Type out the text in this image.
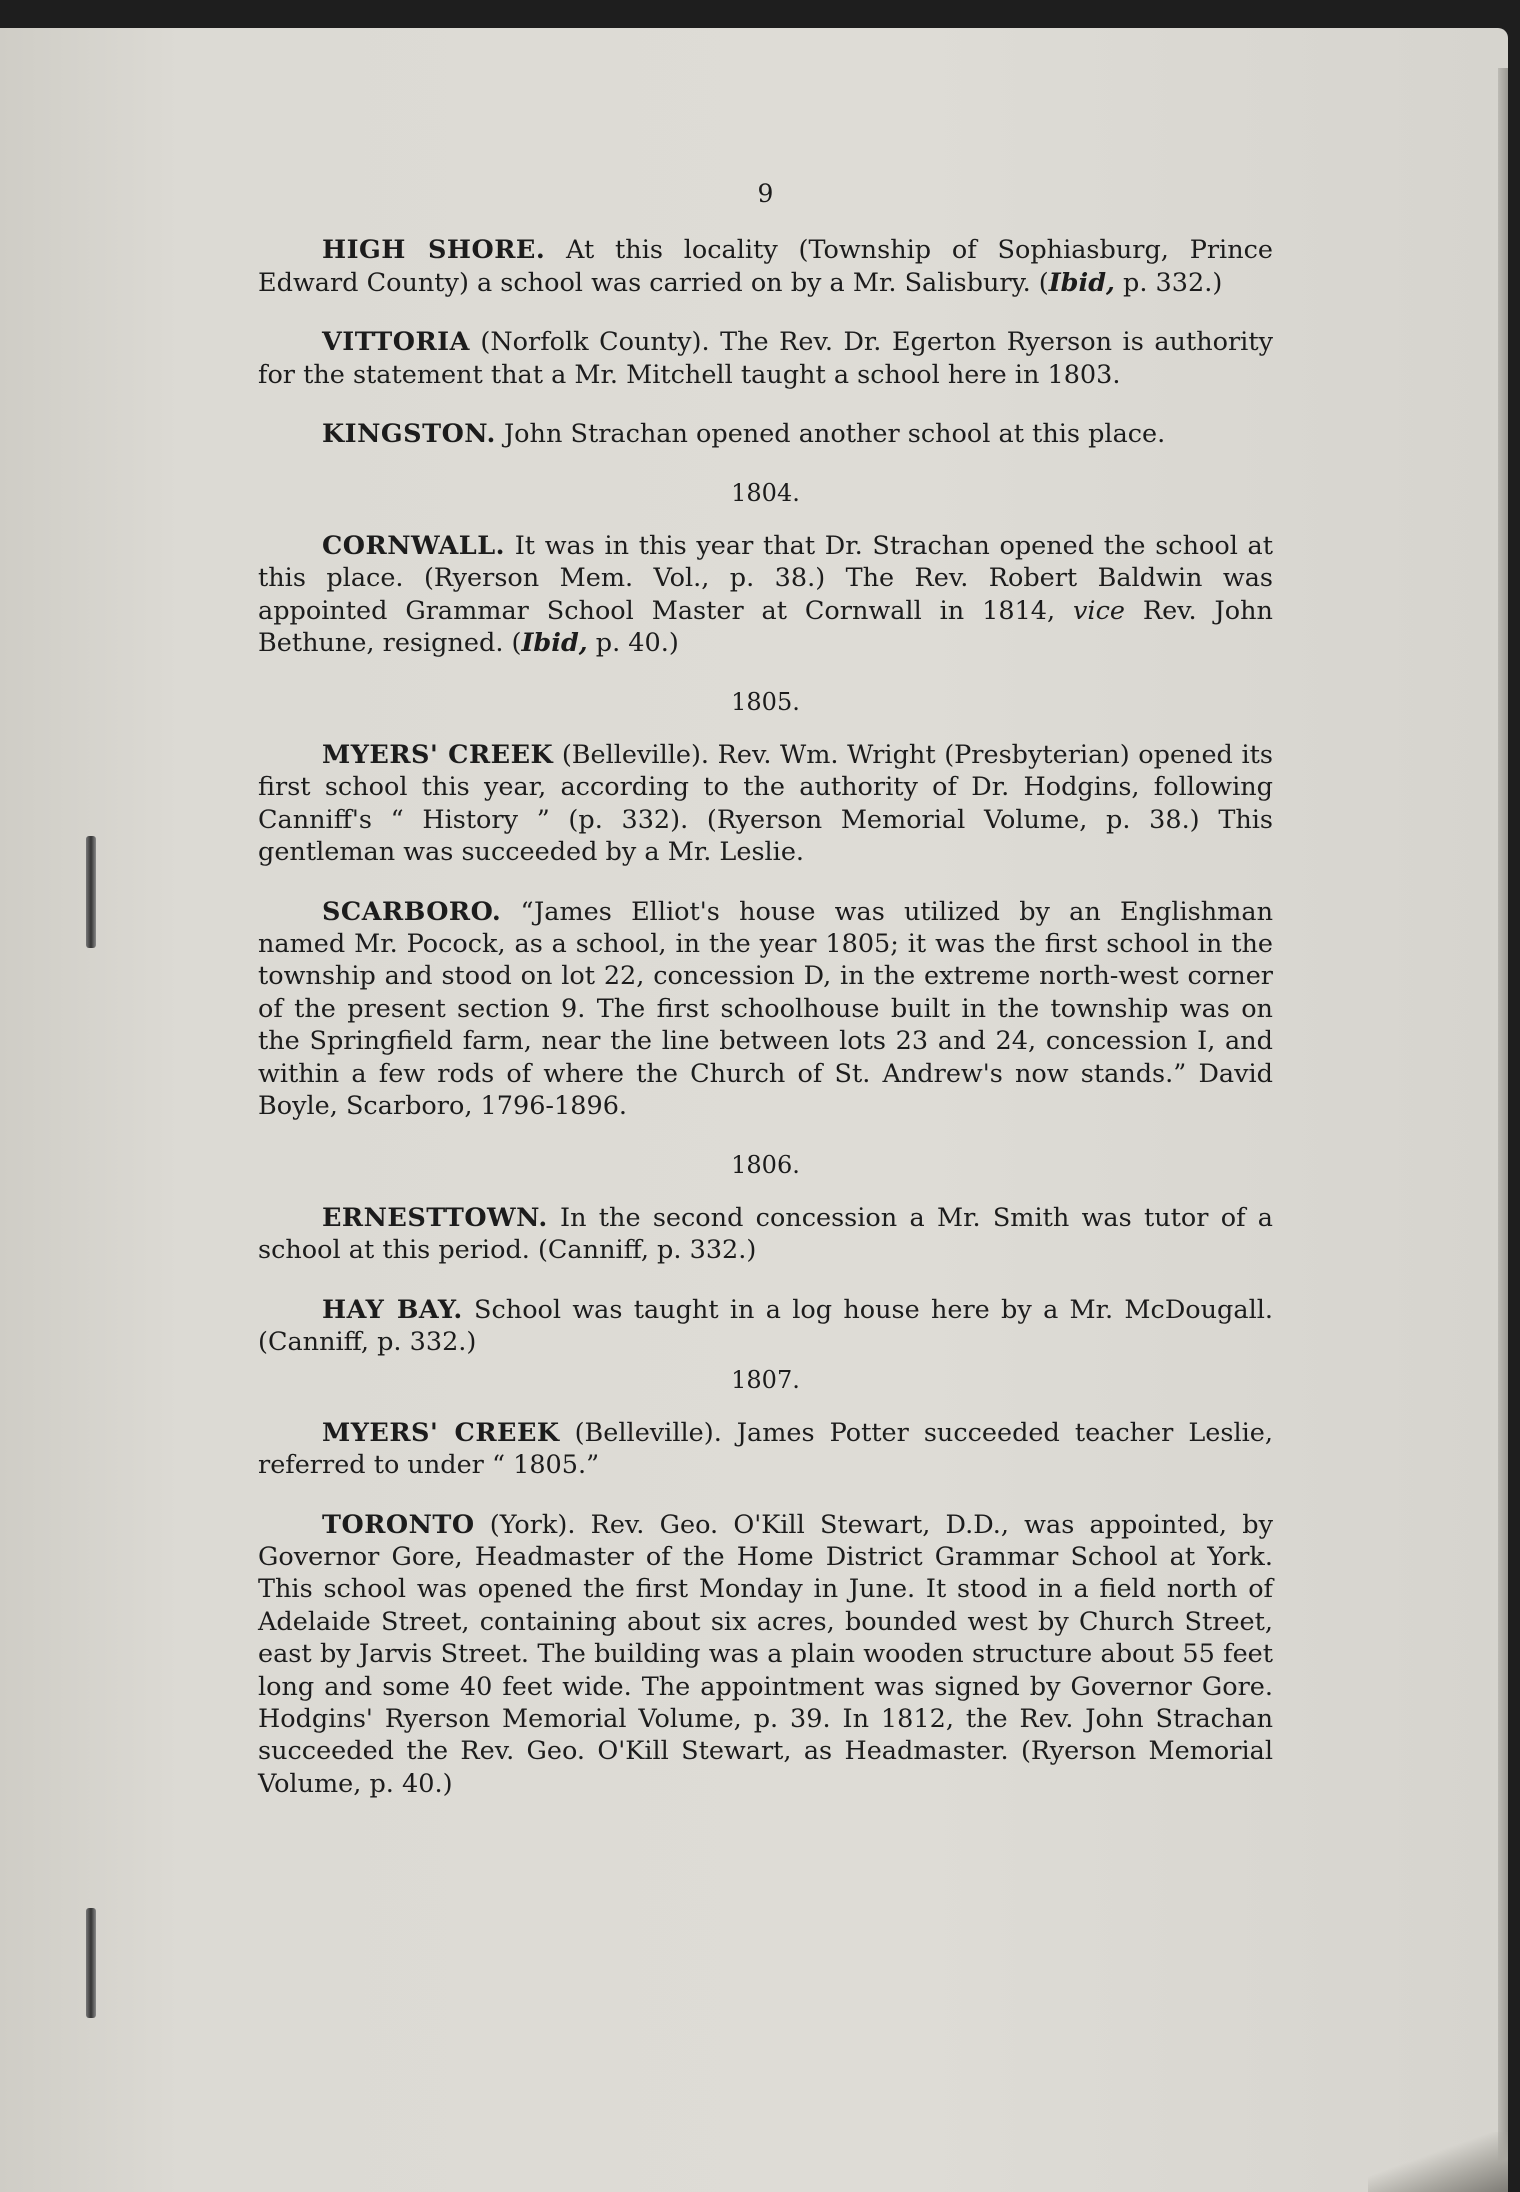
9

HIGH SHORE. At this locality (Township of Sophiasburg, Prince Edward County) a school was carried on by a Mr. Salisbury. (Ibid, p. 332.)

VITTORIA (Norfolk County). The Rev. Dr. Egerton Ryerson is authority for the statement that a Mr. Mitchell taught a school here in 1803.

KINGSTON. John Strachan opened another school at this place.

1804.

CORNWALL. It was in this year that Dr. Strachan opened the school at this place. (Ryerson Mem. Vol., p. 38.) The Rev. Robert Baldwin was appointed Grammar School Master at Cornwall in 1814, vice Rev. John Bethune, resigned. (Ibid, p. 40.)

1805.

MYERS' CREEK (Belleville). Rev. Wm. Wright (Presbyterian) opened its first school this year, according to the authority of Dr. Hodgins, following Canniff's “ History ” (p. 332). (Ryerson Memorial Volume, p. 38.) This gentleman was succeeded by a Mr. Leslie.

SCARBORO. “James Elliot's house was utilized by an Englishman named Mr. Pocock, as a school, in the year 1805; it was the first school in the township and stood on lot 22, concession D, in the extreme north-west corner of the present section 9. The first schoolhouse built in the township was on the Springfield farm, near the line between lots 23 and 24, concession I, and within a few rods of where the Church of St. Andrew's now stands.” David Boyle, Scarboro, 1796-1896.

1806.

ERNESTTOWN. In the second concession a Mr. Smith was tutor of a school at this period. (Canniff, p. 332.)

HAY BAY. School was taught in a log house here by a Mr. McDougall. (Canniff, p. 332.)

1807.

MYERS' CREEK (Belleville). James Potter succeeded teacher Leslie, referred to under “ 1805.”

TORONTO (York). Rev. Geo. O'Kill Stewart, D.D., was appointed, by Governor Gore, Headmaster of the Home District Grammar School at York. This school was opened the first Monday in June. It stood in a field north of Adelaide Street, containing about six acres, bounded west by Church Street, east by Jarvis Street. The building was a plain wooden structure about 55 feet long and some 40 feet wide. The appointment was signed by Governor Gore. Hodgins' Ryerson Memorial Volume, p. 39. In 1812, the Rev. John Strachan succeeded the Rev. Geo. O'Kill Stewart, as Headmaster. (Ryerson Memorial Volume, p. 40.)
